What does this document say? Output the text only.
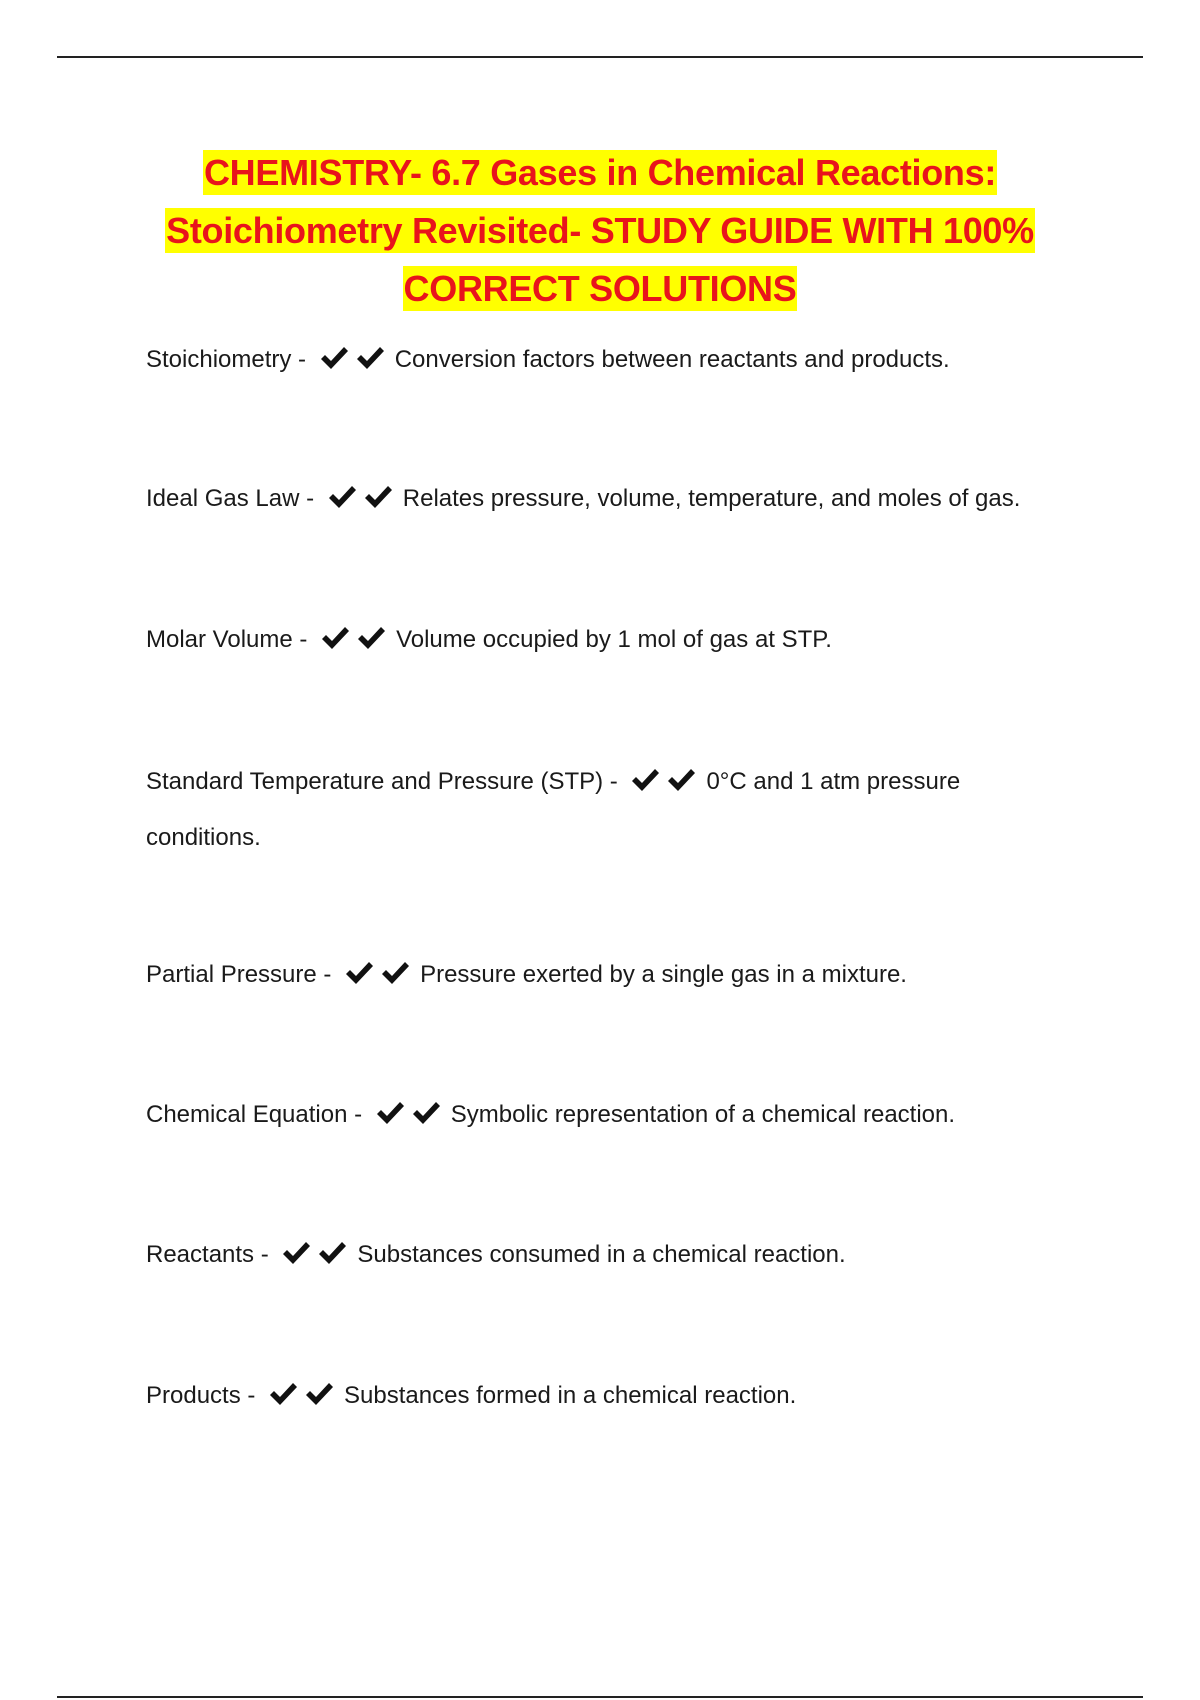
CHEMISTRY- 6.7 Gases in Chemical Reactions:
Stoichiometry Revisited- STUDY GUIDE WITH 100%
CORRECT SOLUTIONS
Stoichiometry -	Conversion factors between reactants and products.
Ideal Gas Law -	Relates pressure, volume, temperature, and moles of gas.
Molar Volume -	Volume occupied by 1 mol of gas at STP.
Standard Temperature and Pressure (STP) -	0°C and 1 atm pressure conditions.
Partial Pressure -	Pressure exerted by a single gas in a mixture.
Chemical Equation -	Symbolic representation of a chemical reaction.
Reactants -	Substances consumed in a chemical reaction.
Products -	Substances formed in a chemical reaction.
